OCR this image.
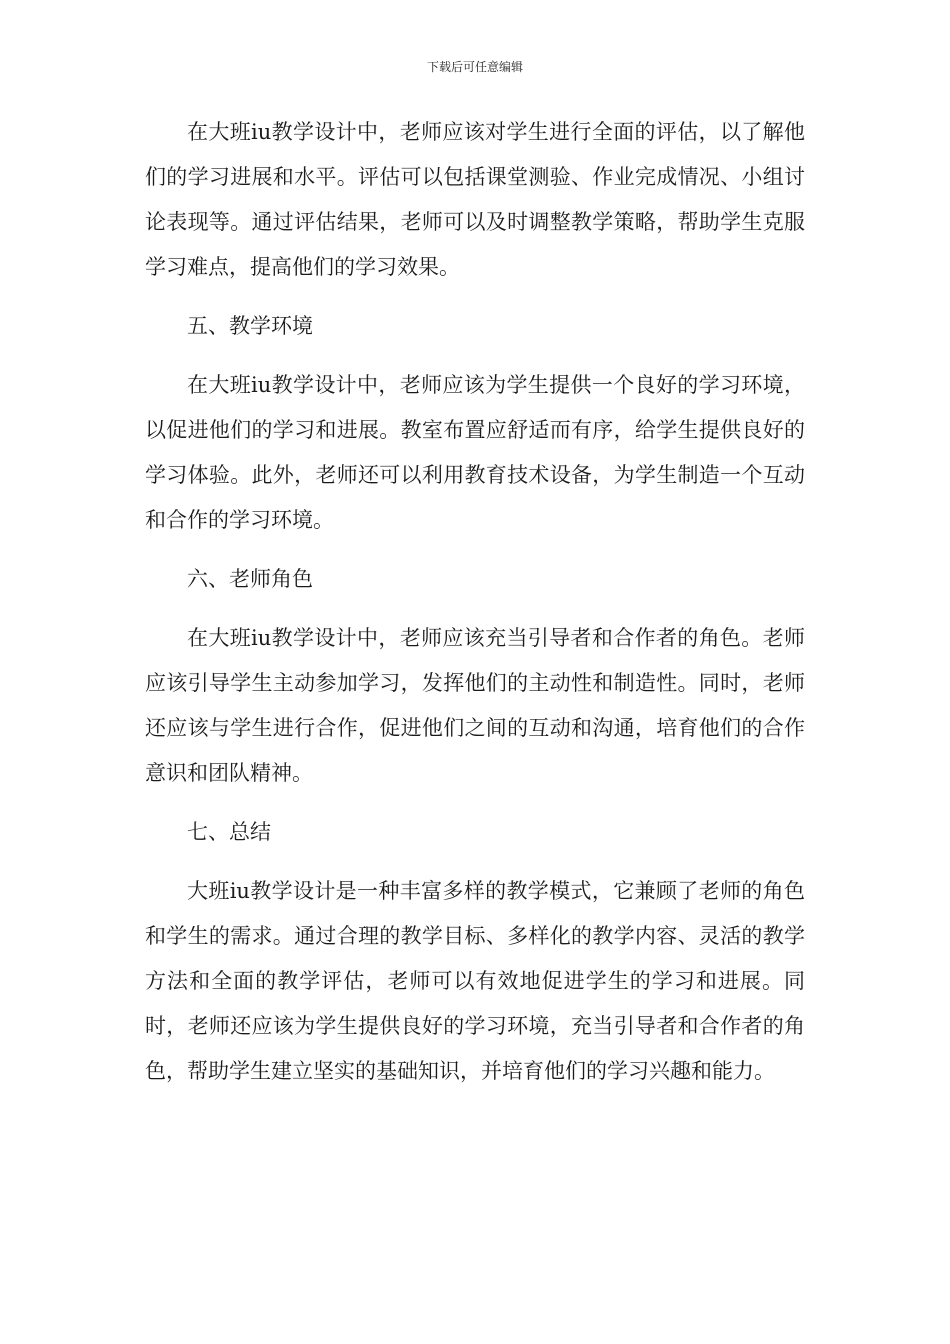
下载后可任意编辑

在大班iu教学设计中，老师应该对学生进行全面的评估，以了解他们的学习进展和水平。评估可以包括课堂测验、作业完成情况、小组讨论表现等。通过评估结果，老师可以及时调整教学策略，帮助学生克服学习难点，提高他们的学习效果。

五、教学环境

在大班iu教学设计中，老师应该为学生提供一个良好的学习环境，以促进他们的学习和进展。教室布置应舒适而有序，给学生提供良好的学习体验。此外，老师还可以利用教育技术设备，为学生制造一个互动和合作的学习环境。

六、老师角色

在大班iu教学设计中，老师应该充当引导者和合作者的角色。老师应该引导学生主动参加学习，发挥他们的主动性和制造性。同时，老师还应该与学生进行合作，促进他们之间的互动和沟通，培育他们的合作意识和团队精神。

七、总结

大班iu教学设计是一种丰富多样的教学模式，它兼顾了老师的角色和学生的需求。通过合理的教学目标、多样化的教学内容、灵活的教学方法和全面的教学评估，老师可以有效地促进学生的学习和进展。同时，老师还应该为学生提供良好的学习环境，充当引导者和合作者的角色，帮助学生建立坚实的基础知识，并培育他们的学习兴趣和能力。
